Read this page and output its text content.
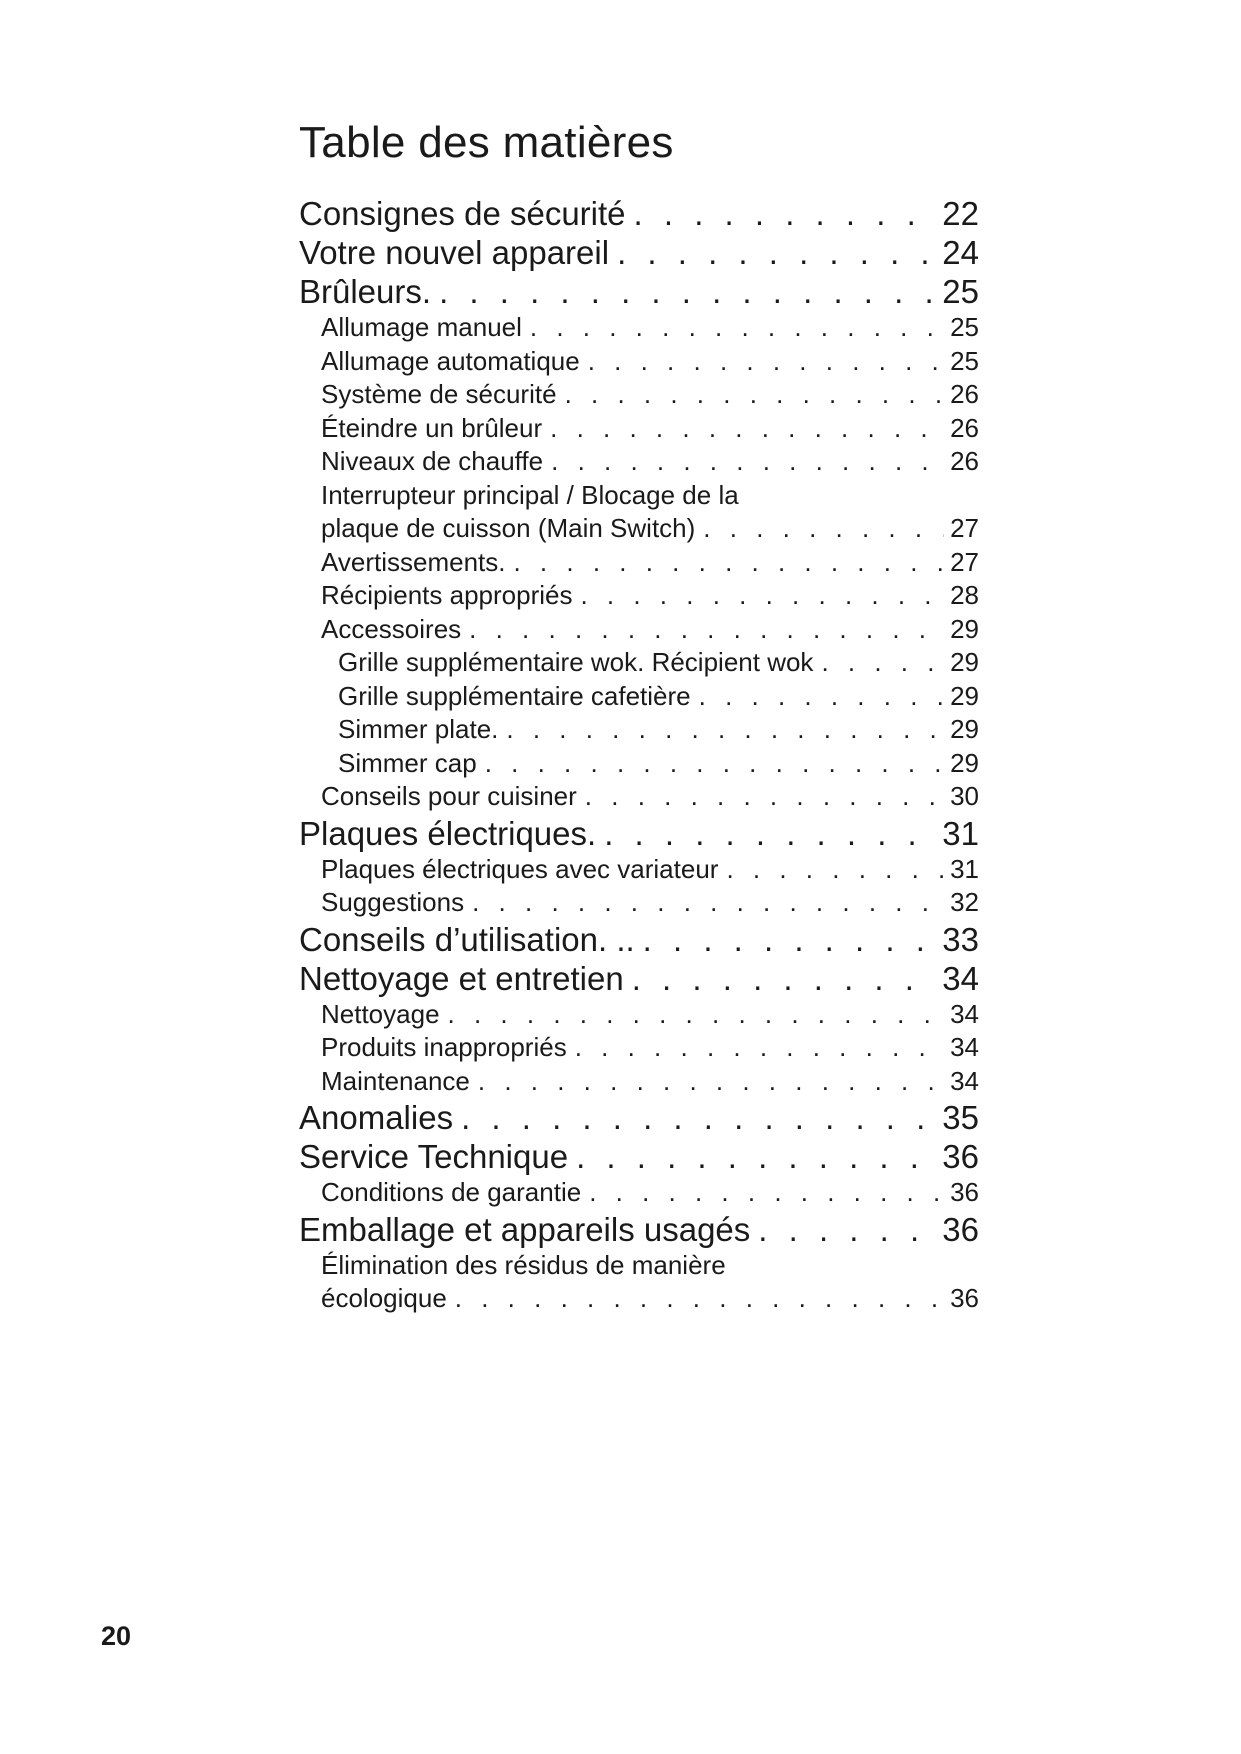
Table des matières
Consignes de sécurité . . .	22
Votre nouvel appareil . . .	24
Brûleurs. . . .	25
Allumage manuel . . .	25
Allumage automatique . . .	25
Système de sécurité . . .	26
Éteindre un brûleur . . .	26
Niveaux de chauffe . . .	26
Interrupteur principal / Blocage de la
plaque de cuisson (Main Switch) . . .	27
Avertissements. . . .	27
Récipients appropriés . . .	28
Accessoires . . .	29
Grille supplémentaire wok. Récipient wok . . .	29
Grille supplémentaire cafetière . . .	29
Simmer plate. . . .	29
Simmer cap . . .	29
Conseils pour cuisiner . . .	30
Plaques électriques. . . .	31
Plaques électriques avec variateur . . .	31
Suggestions . . .	32
Conseils d’utilisation. .. . . .	33
Nettoyage et entretien . . .	34
Nettoyage . . .	34
Produits inappropriés . . .	34
Maintenance . . .	34
Anomalies . . .	35
Service Technique . . .	36
Conditions de garantie . . .	36
Emballage et appareils usagés . . .	36
Élimination des résidus de manière
écologique . . .	36
20
